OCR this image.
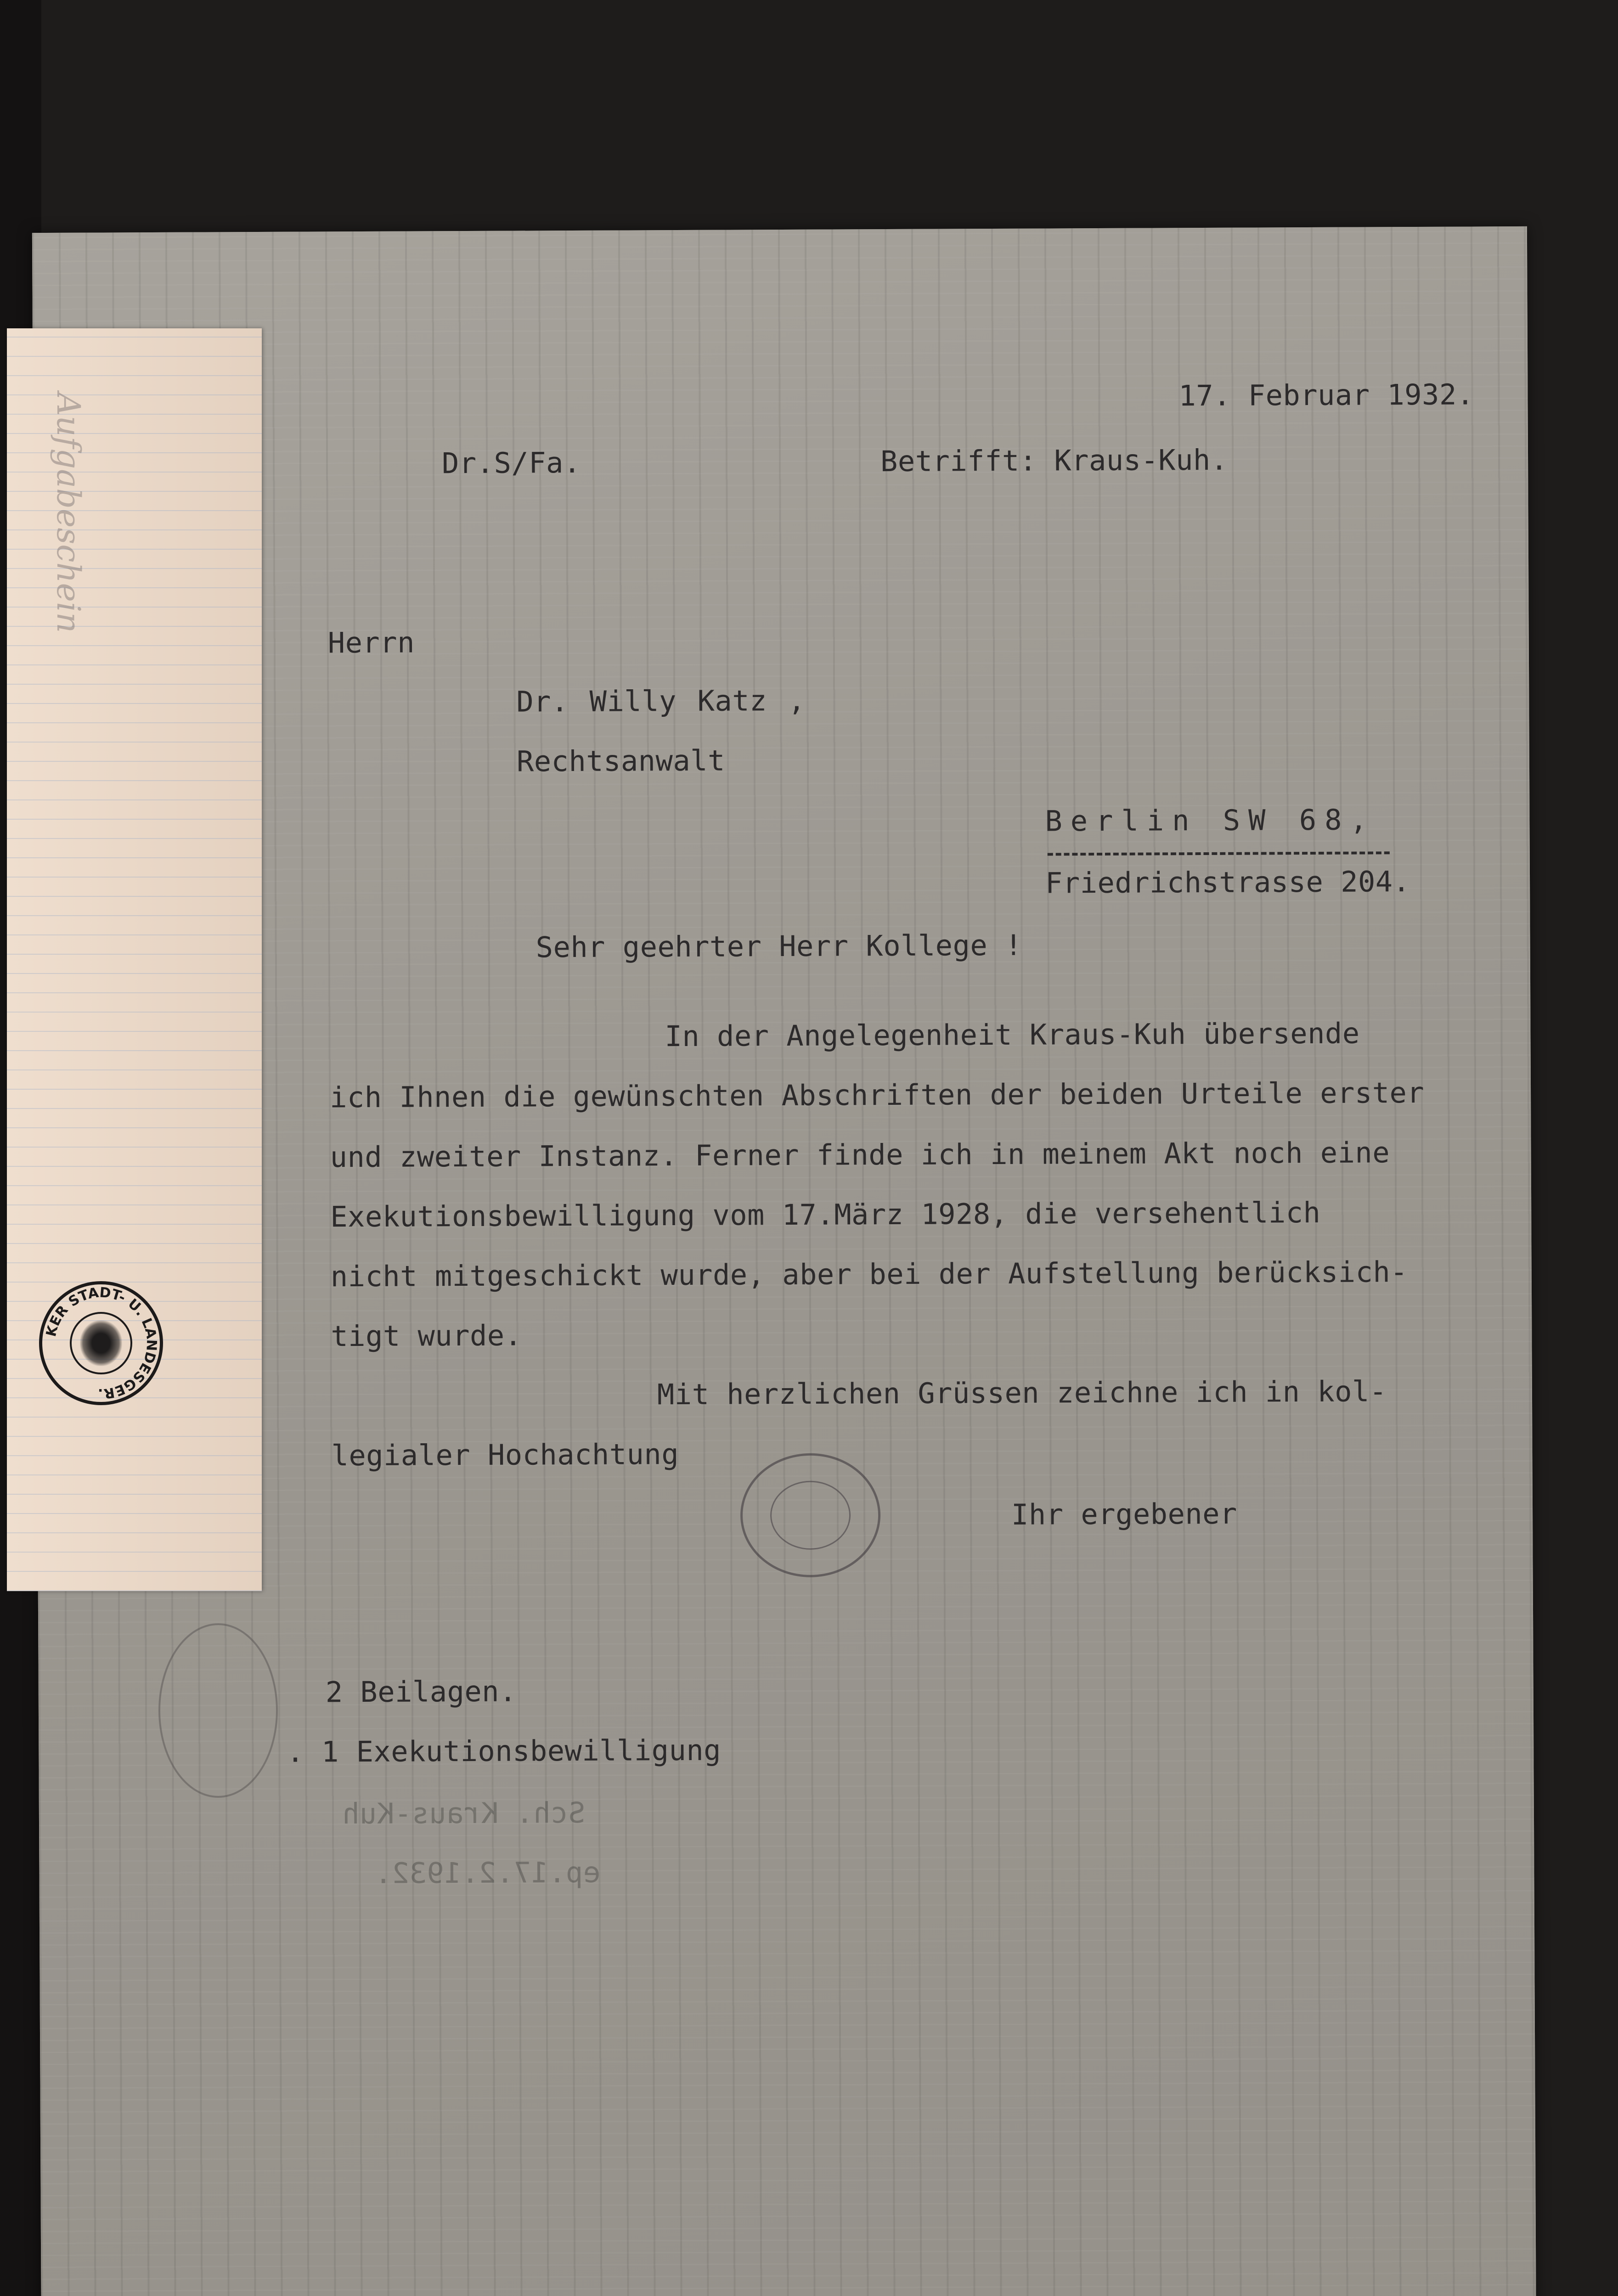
17. Februar 1932.
Dr.S/Fa.	Betrifft: Kraus-Kuh.
Herrn
Dr. Willy Katz ,
Rechtsanwalt
Berlin SW 68,
Friedrichstrasse 204.
Sehr geehrter Herr Kollege !
In der Angelegenheit Kraus-Kuh übersende
ich Ihnen die gewünschten Abschriften der beiden Urteile erster
und zweiter Instanz. Ferner finde ich in meinem Akt noch eine
Exekutionsbewilligung vom 17.März 1928, die versehentlich
nicht mitgeschickt wurde, aber bei der Aufstellung berücksich-
tigt wurde.
Mit herzlichen Grüssen zeichne ich in kol-
legialer Hochachtung
Ihr ergebener
2 Beilagen.
. 1 Exekutionsbewilligung
Sch. Kraus-Kuh
ep.17.2.1932.
Aufgabeschein
KER STADT- U. LANDESGER.
